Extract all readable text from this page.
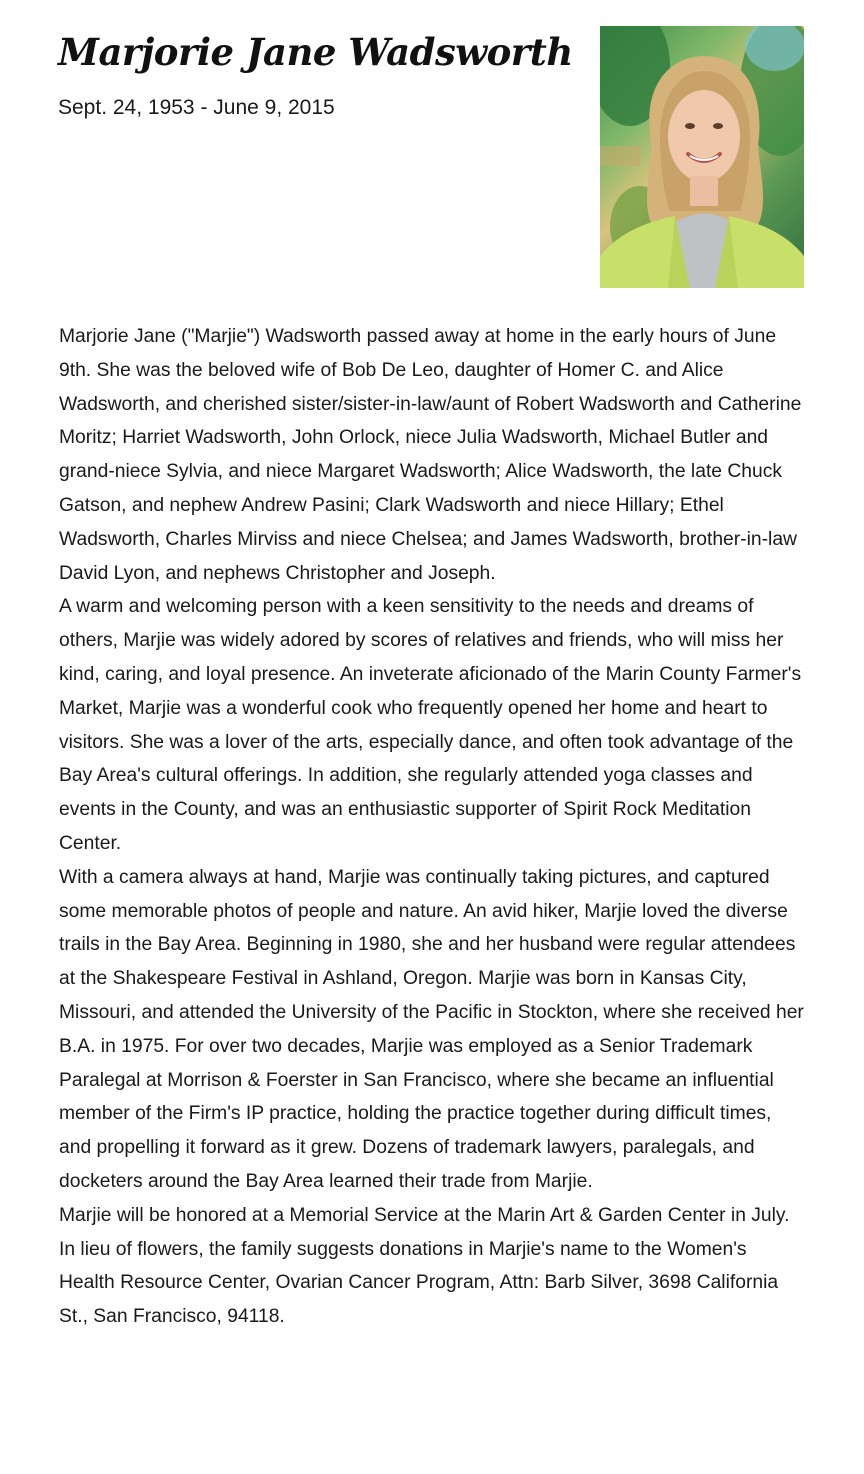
Marjorie Jane Wadsworth
Sept. 24, 1953 - June 9, 2015

Marjorie Jane ("Marjie") Wadsworth passed away at home in the early hours of June 9th. She was the beloved wife of Bob De Leo, daughter of Homer C. and Alice Wadsworth, and cherished sister/sister-in-law/aunt of Robert Wadsworth and Catherine Moritz; Harriet Wadsworth, John Orlock, niece Julia Wadsworth, Michael Butler and grand-niece Sylvia, and niece Margaret Wadsworth; Alice Wadsworth, the late Chuck Gatson, and nephew Andrew Pasini; Clark Wadsworth and niece Hillary; Ethel Wadsworth, Charles Mirviss and niece Chelsea; and James Wadsworth, brother-in-law David Lyon, and nephews Christopher and Joseph.

A warm and welcoming person with a keen sensitivity to the needs and dreams of others, Marjie was widely adored by scores of relatives and friends, who will miss her kind, caring, and loyal presence. An inveterate aficionado of the Marin County Farmer's Market, Marjie was a wonderful cook who frequently opened her home and heart to visitors. She was a lover of the arts, especially dance, and often took advantage of the Bay Area's cultural offerings. In addition, she regularly attended yoga classes and events in the County, and was an enthusiastic supporter of Spirit Rock Meditation Center.

With a camera always at hand, Marjie was continually taking pictures, and captured some memorable photos of people and nature. An avid hiker, Marjie loved the diverse trails in the Bay Area. Beginning in 1980, she and her husband were regular attendees at the Shakespeare Festival in Ashland, Oregon. Marjie was born in Kansas City, Missouri, and attended the University of the Pacific in Stockton, where she received her B.A. in 1975. For over two decades, Marjie was employed as a Senior Trademark Paralegal at Morrison & Foerster in San Francisco, where she became an influential member of the Firm's IP practice, holding the practice together during difficult times, and propelling it forward as it grew. Dozens of trademark lawyers, paralegals, and docketers around the Bay Area learned their trade from Marjie.

Marjie will be honored at a Memorial Service at the Marin Art & Garden Center in July. In lieu of flowers, the family suggests donations in Marjie's name to the Women's Health Resource Center, Ovarian Cancer Program, Attn: Barb Silver, 3698 California St., San Francisco, 94118.
